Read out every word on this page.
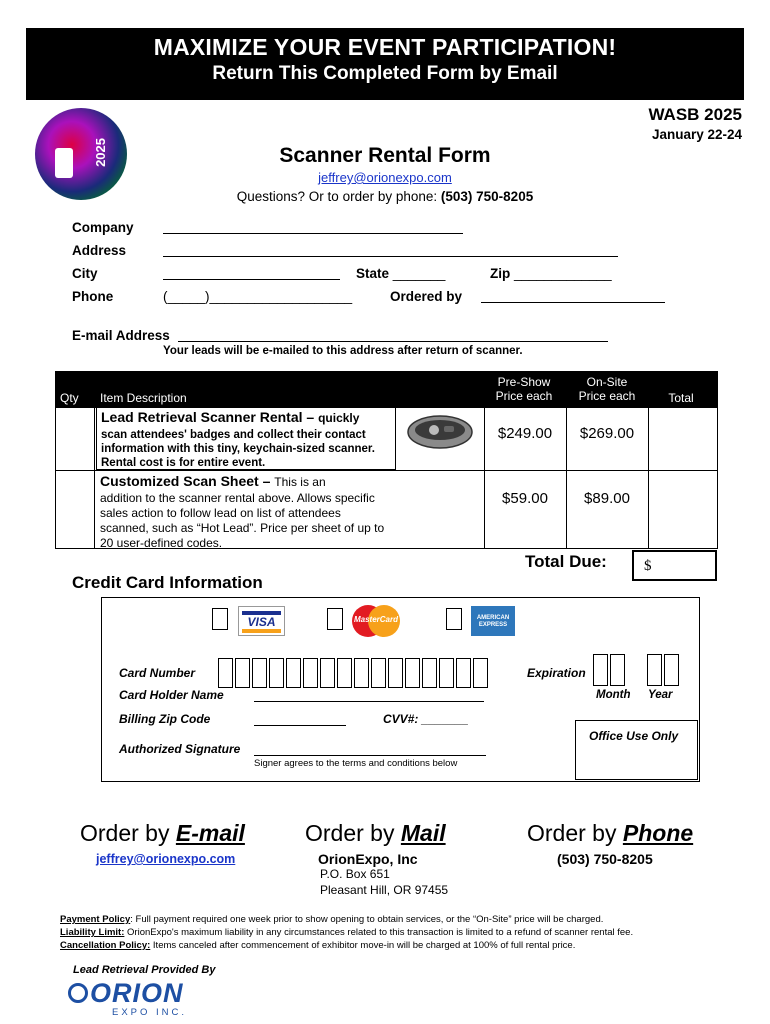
MAXIMIZE YOUR EVENT PARTICIPATION!
Return This Completed Form by Email
2025
WASB 2025
January 22-24
Scanner Rental Form
jeffrey@orionexpo.com
Questions? Or to order by phone: (503) 750-8205
Company
Address
City	State _______	Zip _____________
Phone	(_____)___________________	Ordered by
E-mail Address
Your leads will be e-mailed to this address after return of scanner.
Qty Item Description
Pre-Show
Price each
On-Site
Price each	Total
Lead Retrieval Scanner Rental – quickly
scan attendees' badges and collect their contact information with this tiny, keychain-sized scanner. Rental cost is for entire event.
$249.00	$269.00
Customized Scan Sheet – This is an
addition to the scanner rental above. Allows specific sales action to follow lead on list of attendees scanned, such as “Hot Lead”. Price per sheet of up to 20 user-defined codes.
$59.00	$89.00
Total Due:	$
Credit Card Information
VISA	MasterCard	AMERICAN EXPRESS
Card Number	Expiration
Month Year
Card Holder Name
Billing Zip Code	CVV#: _______
Authorized Signature
Signer agrees to the terms and conditions below
Office Use Only
Order by E-mail
jeffrey@orionexpo.com
Order by Mail
OrionExpo, Inc
P.O. Box 651
Pleasant Hill, OR 97455
Order by Phone
(503) 750-8205
Payment Policy: Full payment required one week prior to show opening to obtain services, or the “On-Site” price will be charged.
Liability Limit: OrionExpo's maximum liability in any circumstances related to this transaction is limited to a refund of scanner rental fee.
Cancellation Policy: Items canceled after commencement of exhibitor move-in will be charged at 100% of full rental price.
Lead Retrieval Provided By
ORION
EXPO INC.
